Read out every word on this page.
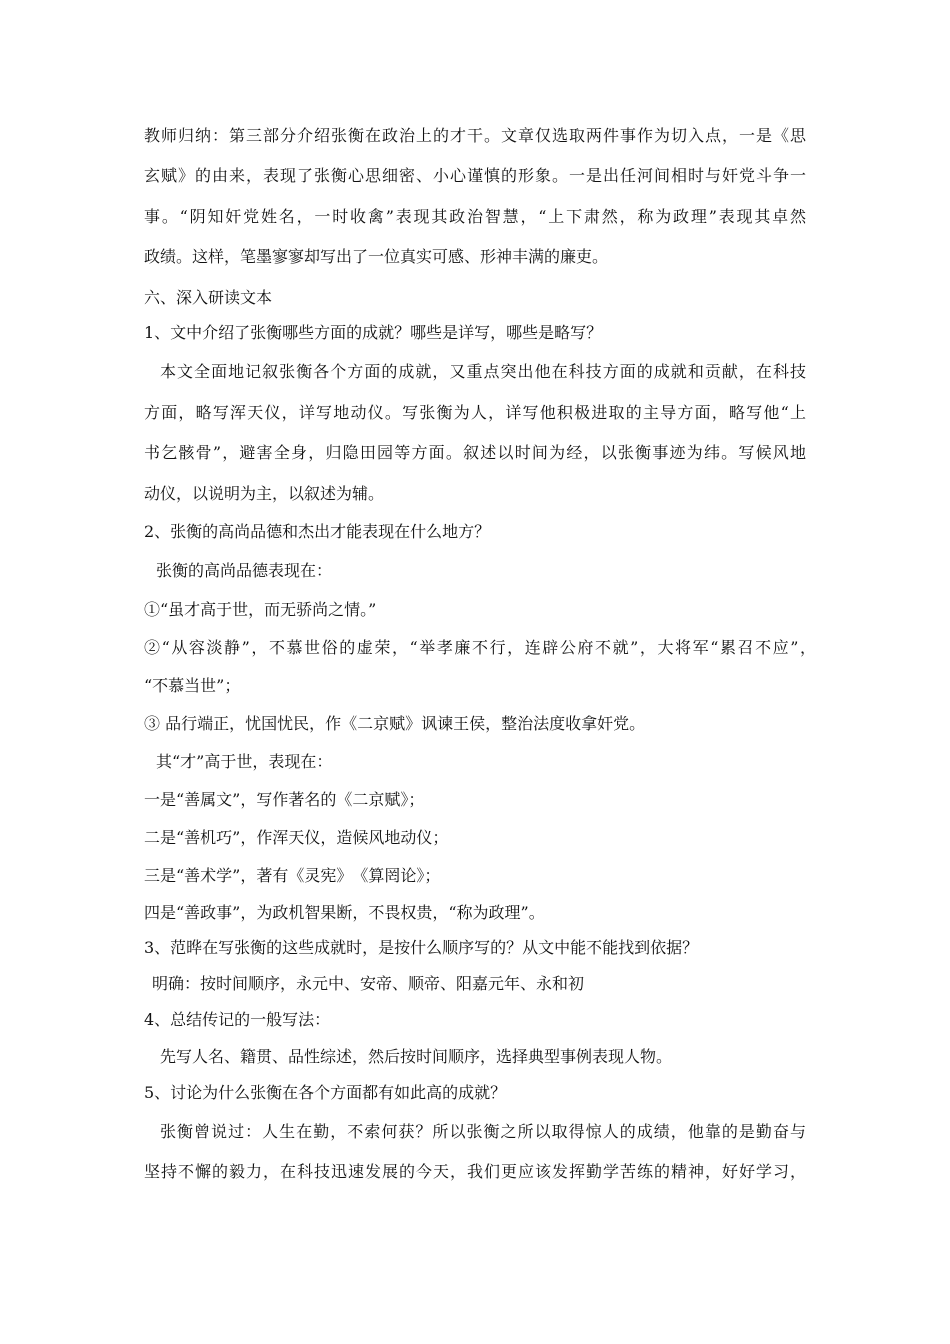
教师归纳：第三部分介绍张衡在政治上的才干。文章仅选取两件事作为切入点，一是《思
玄赋》的由来，表现了张衡心思细密、小心谨慎的形象。一是出任河间相时与奸党斗争一
事。“阴知奸党姓名，一时收禽”表现其政治智慧，“上下肃然，称为政理”表现其卓然
政绩。这样，笔墨寥寥却写出了一位真实可感、形神丰满的廉吏。
六、深入研读文本
1、文中介绍了张衡哪些方面的成就？哪些是详写，哪些是略写？
本文全面地记叙张衡各个方面的成就，又重点突出他在科技方面的成就和贡献，在科技
方面，略写浑天仪，详写地动仪。写张衡为人，详写他积极进取的主导方面，略写他“上
书乞骸骨”，避害全身，归隐田园等方面。叙述以时间为经，以张衡事迹为纬。写候风地
动仪，以说明为主，以叙述为辅。
2、张衡的高尚品德和杰出才能表现在什么地方？
张衡的高尚品德表现在：
①“虽才高于世，而无骄尚之情。”
②“从容淡静”，不慕世俗的虚荣，“举孝廉不行，连辟公府不就”，大将军“累召不应”，
“不慕当世”；
③ 品行端正，忧国忧民，作《二京赋》讽谏王侯，整治法度收拿奸党。
其“才”高于世，表现在：
一是“善属文”，写作著名的《二京赋》；
二是“善机巧”，作浑天仪，造候风地动仪；
三是“善术学”，著有《灵宪》　《算罔论》；
四是“善政事”，为政机智果断，不畏权贵，“称为政理”。
3、范晔在写张衡的这些成就时，是按什么顺序写的？从文中能不能找到依据？
明确：按时间顺序，永元中、安帝、顺帝、阳嘉元年、永和初
4、总结传记的一般写法：
先写人名、籍贯、品性综述，然后按时间顺序，选择典型事例表现人物。
5、讨论为什么张衡在各个方面都有如此高的成就？
张衡曾说过：人生在勤，不索何获？所以张衡之所以取得惊人的成绩，他靠的是勤奋与
坚持不懈的毅力，在科技迅速发展的今天，我们更应该发挥勤学苦练的精神，好好学习，
